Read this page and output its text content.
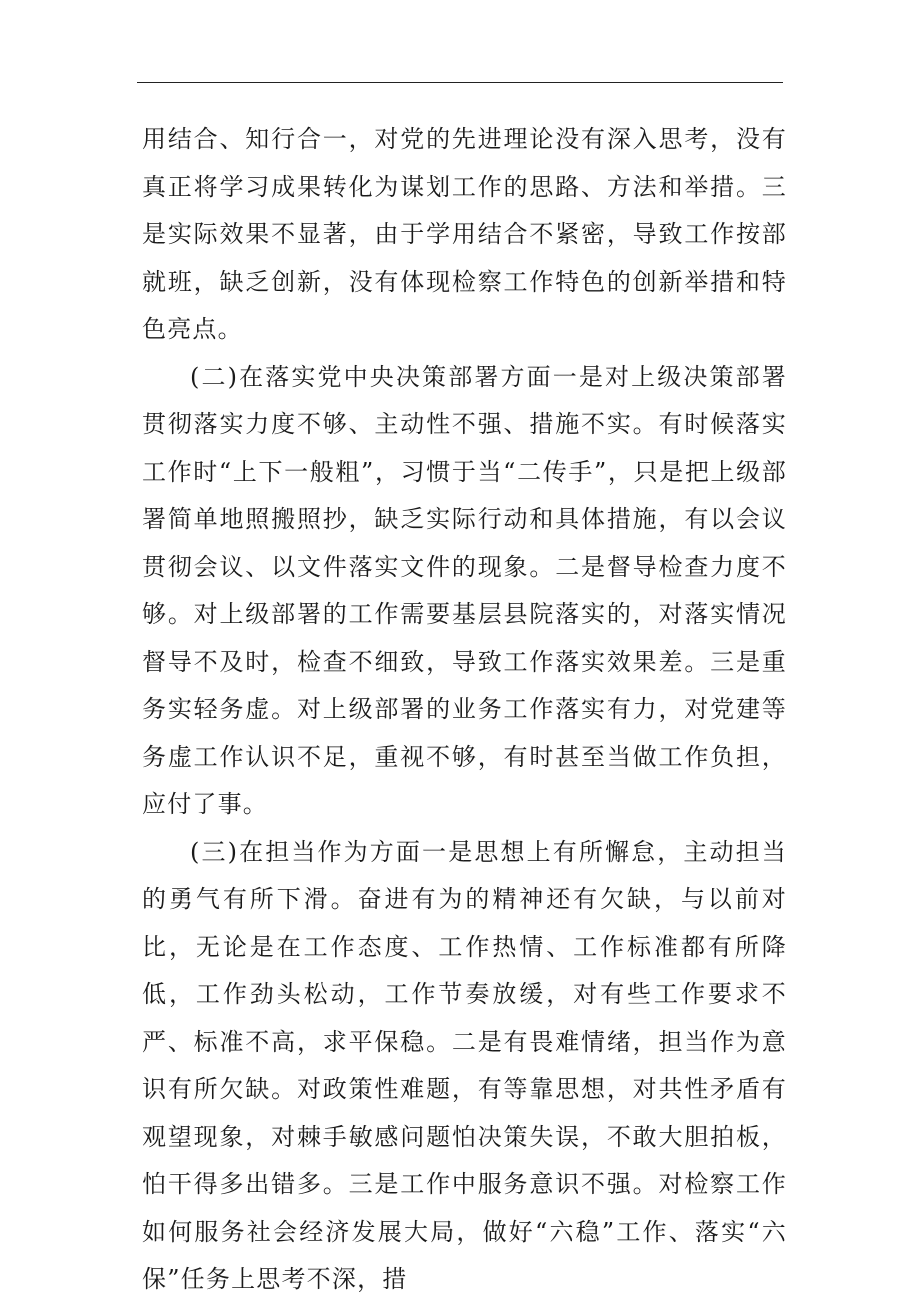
用结合、知行合一，对党的先进理论没有深入思考，没有真正将学习成果转化为谋划工作的思路、方法和举措。三是实际效果不显著，由于学用结合不紧密，导致工作按部就班，缺乏创新，没有体现检察工作特色的创新举措和特色亮点。

(二)在落实党中央决策部署方面一是对上级决策部署贯彻落实力度不够、主动性不强、措施不实。有时候落实工作时“上下一般粗”，习惯于当“二传手”，只是把上级部署简单地照搬照抄，缺乏实际行动和具体措施，有以会议贯彻会议、以文件落实文件的现象。二是督导检查力度不够。对上级部署的工作需要基层县院落实的，对落实情况督导不及时，检查不细致，导致工作落实效果差。三是重务实轻务虚。对上级部署的业务工作落实有力，对党建等务虚工作认识不足，重视不够，有时甚至当做工作负担，应付了事。

(三)在担当作为方面一是思想上有所懈怠，主动担当的勇气有所下滑。奋进有为的精神还有欠缺，与以前对比，无论是在工作态度、工作热情、工作标准都有所降低，工作劲头松动，工作节奏放缓，对有些工作要求不严、标准不高，求平保稳。二是有畏难情绪，担当作为意识有所欠缺。对政策性难题，有等靠思想，对共性矛盾有观望现象，对棘手敏感问题怕决策失误，不敢大胆拍板，怕干得多出错多。三是工作中服务意识不强。对检察工作如何服务社会经济发展大局，做好“六稳”工作、落实“六保”任务上思考不深，措
